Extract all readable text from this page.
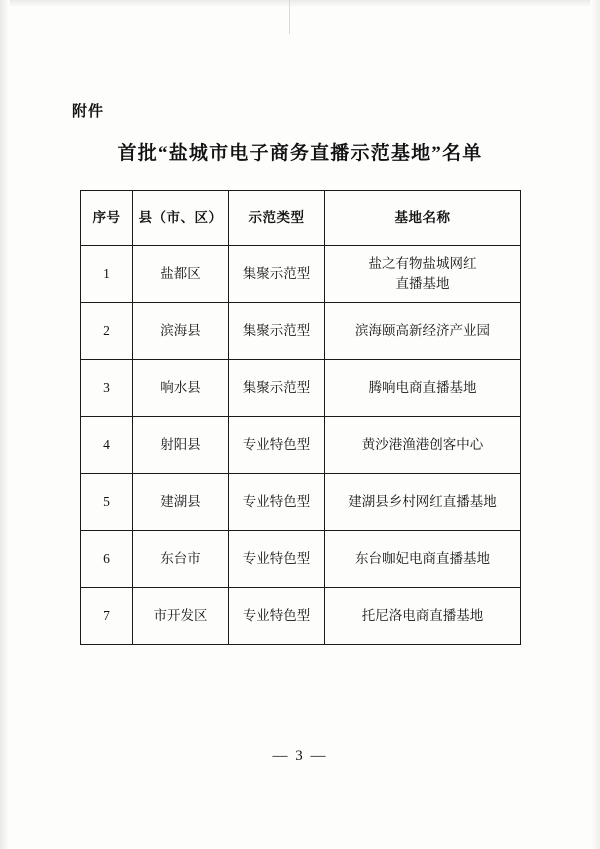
附件
首批“盐城市电子商务直播示范基地”名单
序号	县（市、区）	示范类型	基地名称
1	盐都区	集聚示范型	盐之有物盐城网红
直播基地

2	滨海县	集聚示范型	滨海颐高新经济产业园
3	响水县	集聚示范型	腾响电商直播基地
4	射阳县	专业特色型	黄沙港渔港创客中心
5	建湖县	专业特色型	建湖县乡村网红直播基地
6	东台市	专业特色型	东台咖妃电商直播基地
7	市开发区	专业特色型	托尼洛电商直播基地
— 3 —
